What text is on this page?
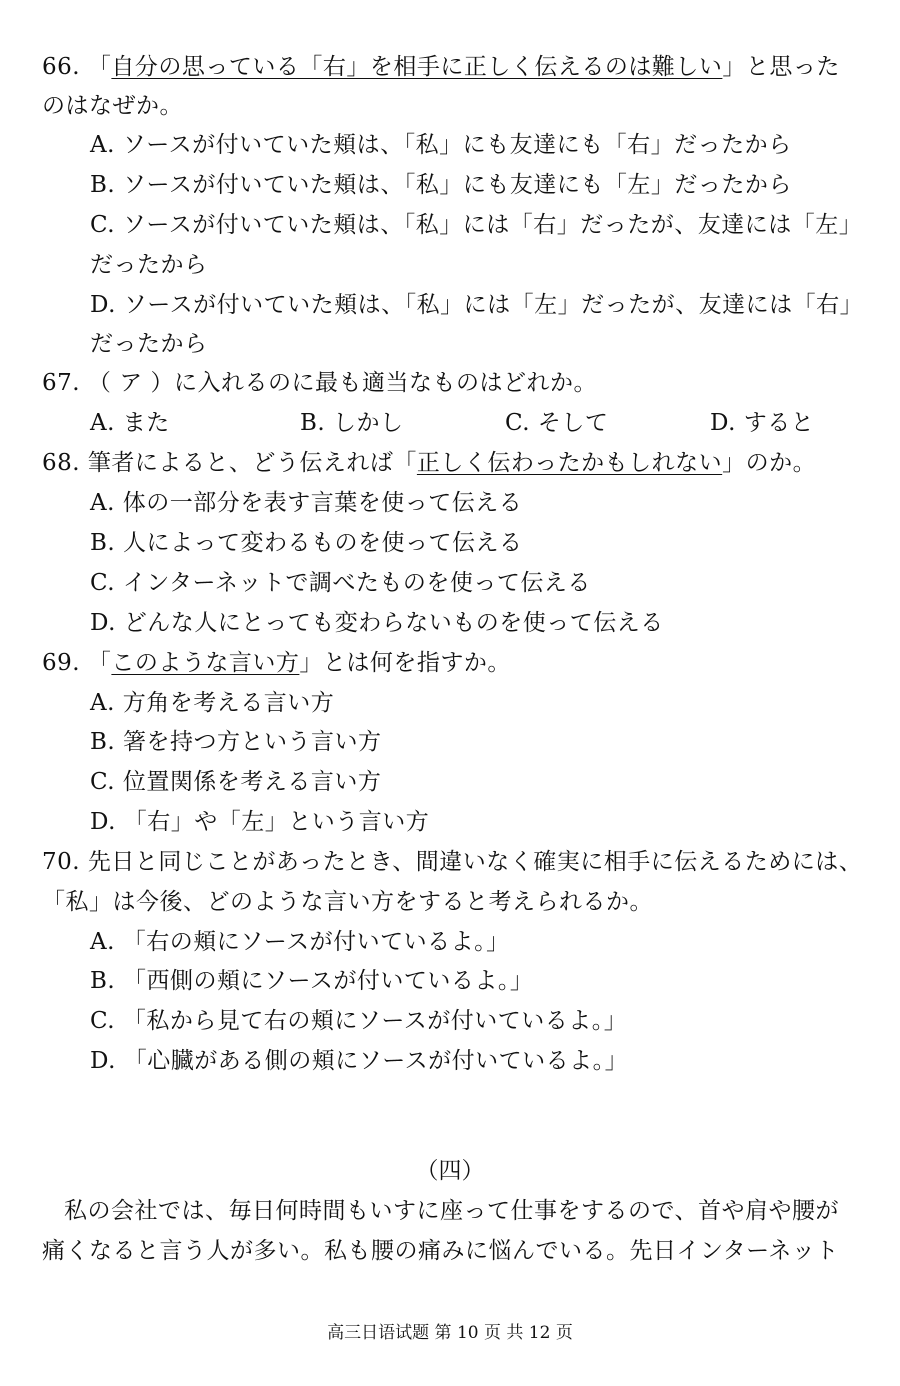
66. 「自分の思っている「右」を相手に正しく伝えるのは難しい」と思った
のはなぜか。
A. ソースが付いていた頬は、「私」にも友達にも「右」だったから
B. ソースが付いていた頬は、「私」にも友達にも「左」だったから
C. ソースが付いていた頬は、「私」には「右」だったが、友達には「左」
だったから
D. ソースが付いていた頬は、「私」には「左」だったが、友達には「右」
だったから
67. （ ア ）に入れるのに最も適当なものはどれか。
A. また	B. しかし	C. そして	D. すると
68. 筆者によると、どう伝えれば「正しく伝わったかもしれない」のか。
A. 体の一部分を表す言葉を使って伝える
B. 人によって変わるものを使って伝える
C. インターネットで調べたものを使って伝える
D. どんな人にとっても変わらないものを使って伝える
69. 「このような言い方」とは何を指すか。
A. 方角を考える言い方
B. 箸を持つ方という言い方
C. 位置関係を考える言い方
D. 「右」や「左」という言い方
70. 先日と同じことがあったとき、間違いなく確実に相手に伝えるためには、
「私」は今後、どのような言い方をすると考えられるか。
A. 「右の頬にソースが付いているよ。」
B. 「西側の頬にソースが付いているよ。」
C. 「私から見て右の頬にソースが付いているよ。」
D. 「心臓がある側の頬にソースが付いているよ。」
（四）
私の会社では、毎日何時間もいすに座って仕事をするので、首や肩や腰が
痛くなると言う人が多い。私も腰の痛みに悩んでいる。先日インターネット
高三日语试题 第 10 页 共 12 页
